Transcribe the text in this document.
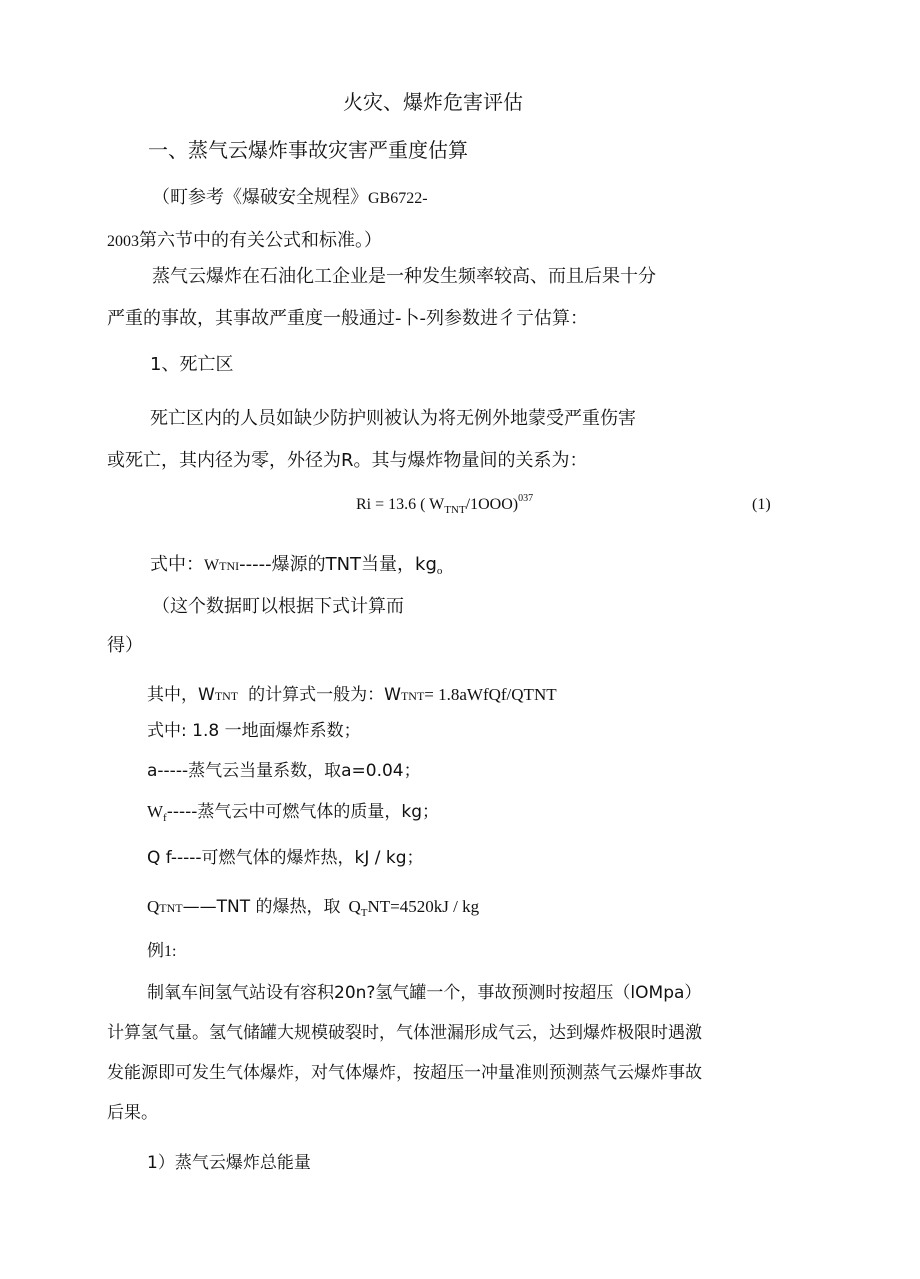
火灾、爆炸危害评估
一、蒸气云爆炸事故灾害严重度估算
（町参考《爆破安全规程》GB6722-
2003第六节中的有关公式和标准。）
蒸气云爆炸在石油化工企业是一种发生频率较高、而且后果十分
严重的事故，其事故严重度一般通过-卜-列参数进彳亍估算：
1、死亡区
死亡区内的人员如缺少防护则被认为将无例外地蒙受严重伤害
或死亡，其内径为零，外径为R。其与爆炸物量间的关系为：
Ri = 13.6 ( $W_{TNT}/1OOO)^{037}$	(1)
式中：WTNI-----爆源的TNT当量，$kg_o$
（这个数据町以根据下式计算而
得）
其中，WTNT 的计算式一般为：WTNT= 1.8aWfQf/QTNT
式中: 1.8 一地面爆炸系数；
a-----蒸气云当量系数，取a=0.04；
$W_f-----$蒸气云中可燃气体的质量，kg；
Q f-----可燃气体的爆炸热，kJ / kg；
QTNT——TNT 的爆热，取 $Q_TNT=4520kJ$ / kg
例1:
制氧车间氢气站设有容积20n?氢气罐一个，事故预测时按超压（lOMpa）
计算氢气量。氢气储罐大规模破裂时，气体泄漏形成气云，达到爆炸极限时遇激
发能源即可发生气体爆炸，对气体爆炸，按超压一冲量准则预测蒸气云爆炸事故
后果。
1）蒸气云爆炸总能量
